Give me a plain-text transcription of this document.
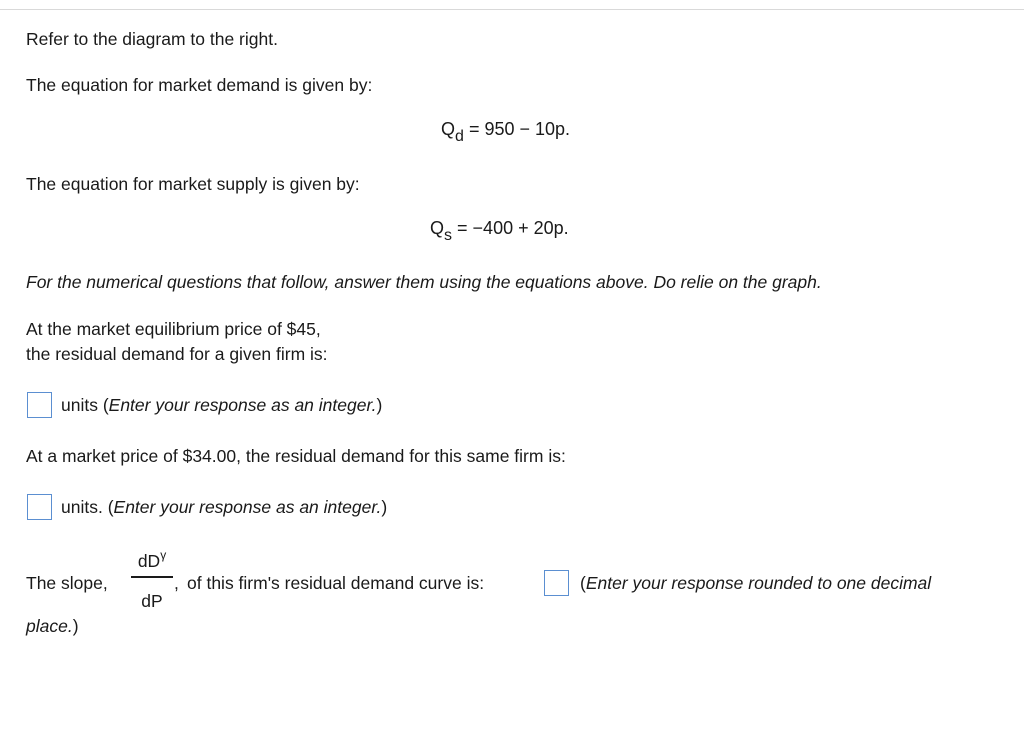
Refer to the diagram to the right.
The equation for market demand is given by:
Qd = 950 − 10p.
The equation for market supply is given by:
Qs = −400 + 20p.
For the numerical questions that follow, answer them using the equations above. Do relie on the graph.
At the market equilibrium price of $45,
the residual demand for a given firm is:
units (Enter your response as an integer.)
At a market price of $34.00, the residual demand for this same firm is:
units. (Enter your response as an integer.)
The slope,
$dD^\gamma$
dP
, of this firm's residual demand curve is:	(Enter your response rounded to one decimal
place.)
